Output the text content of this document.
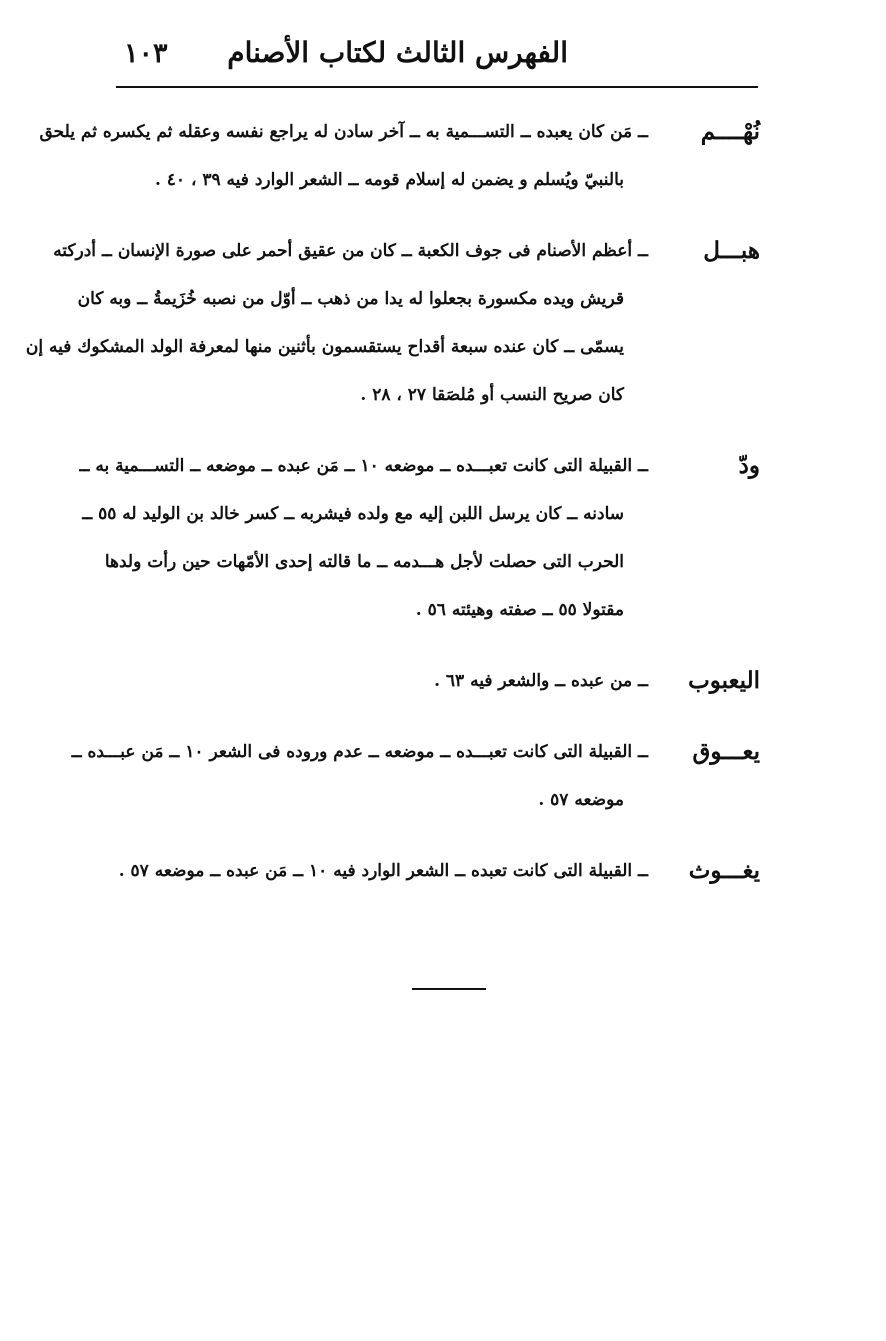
الفهرس الثالث لكتاب الأصنام
١٠٣
نُهْــــم
ــ مَن كان يعبده ــ التســـمية به ــ آخر سادن له يراجع نفسه وعقله ثم يكسره ثم يلحق
بالنبيّ ويُسلم و يضمن له إسلام قومه ــ الشعر الوارد فيه ٣٩ ، ٤٠ .
هبـــل
ــ أعظم الأصنام فى جوف الكعبة ــ كان من عقيق أحمر على صورة الإنسان ــ أدركته
قريش ويده مكسورة بجعلوا له يدا من ذهب ــ أوّل من نصبه خُزَيمةُ ــ وبه كان
يسمّى ــ كان عنده سبعة أقداح يستقسمون بأثنين منها لمعرفة الولد المشكوك فيه إن
كان صريح النسب أو مُلصَقا ٢٧ ، ٢٨ .
ودّ
ــ القبيلة التى كانت تعبـــده ــ موضعه ١٠ ــ مَن عبده ــ موضعه ــ التســـمية به ــ
سادنه ــ كان يرسل اللبن إليه مع ولده فيشربه ــ كسر خالد بن الوليد له ٥٥ ــ
الحرب التى حصلت لأجل هـــدمه ــ ما قالته إحدى الأمّهات حين رأت ولدها
مقتولا ٥٥ ــ صفته وهيئته ٥٦ .
اليعبوب
ــ من عبده ــ والشعر فيه ٦٣ .
يعـــوق
ــ القبيلة التى كانت تعبـــده ــ موضعه ــ عدم وروده فى الشعر ١٠ ــ مَن عبـــده ــ
موضعه ٥٧ .
يغـــوث
ــ القبيلة التى كانت تعبده ــ الشعر الوارد فيه ١٠ ــ مَن عبده ــ موضعه ٥٧ .
